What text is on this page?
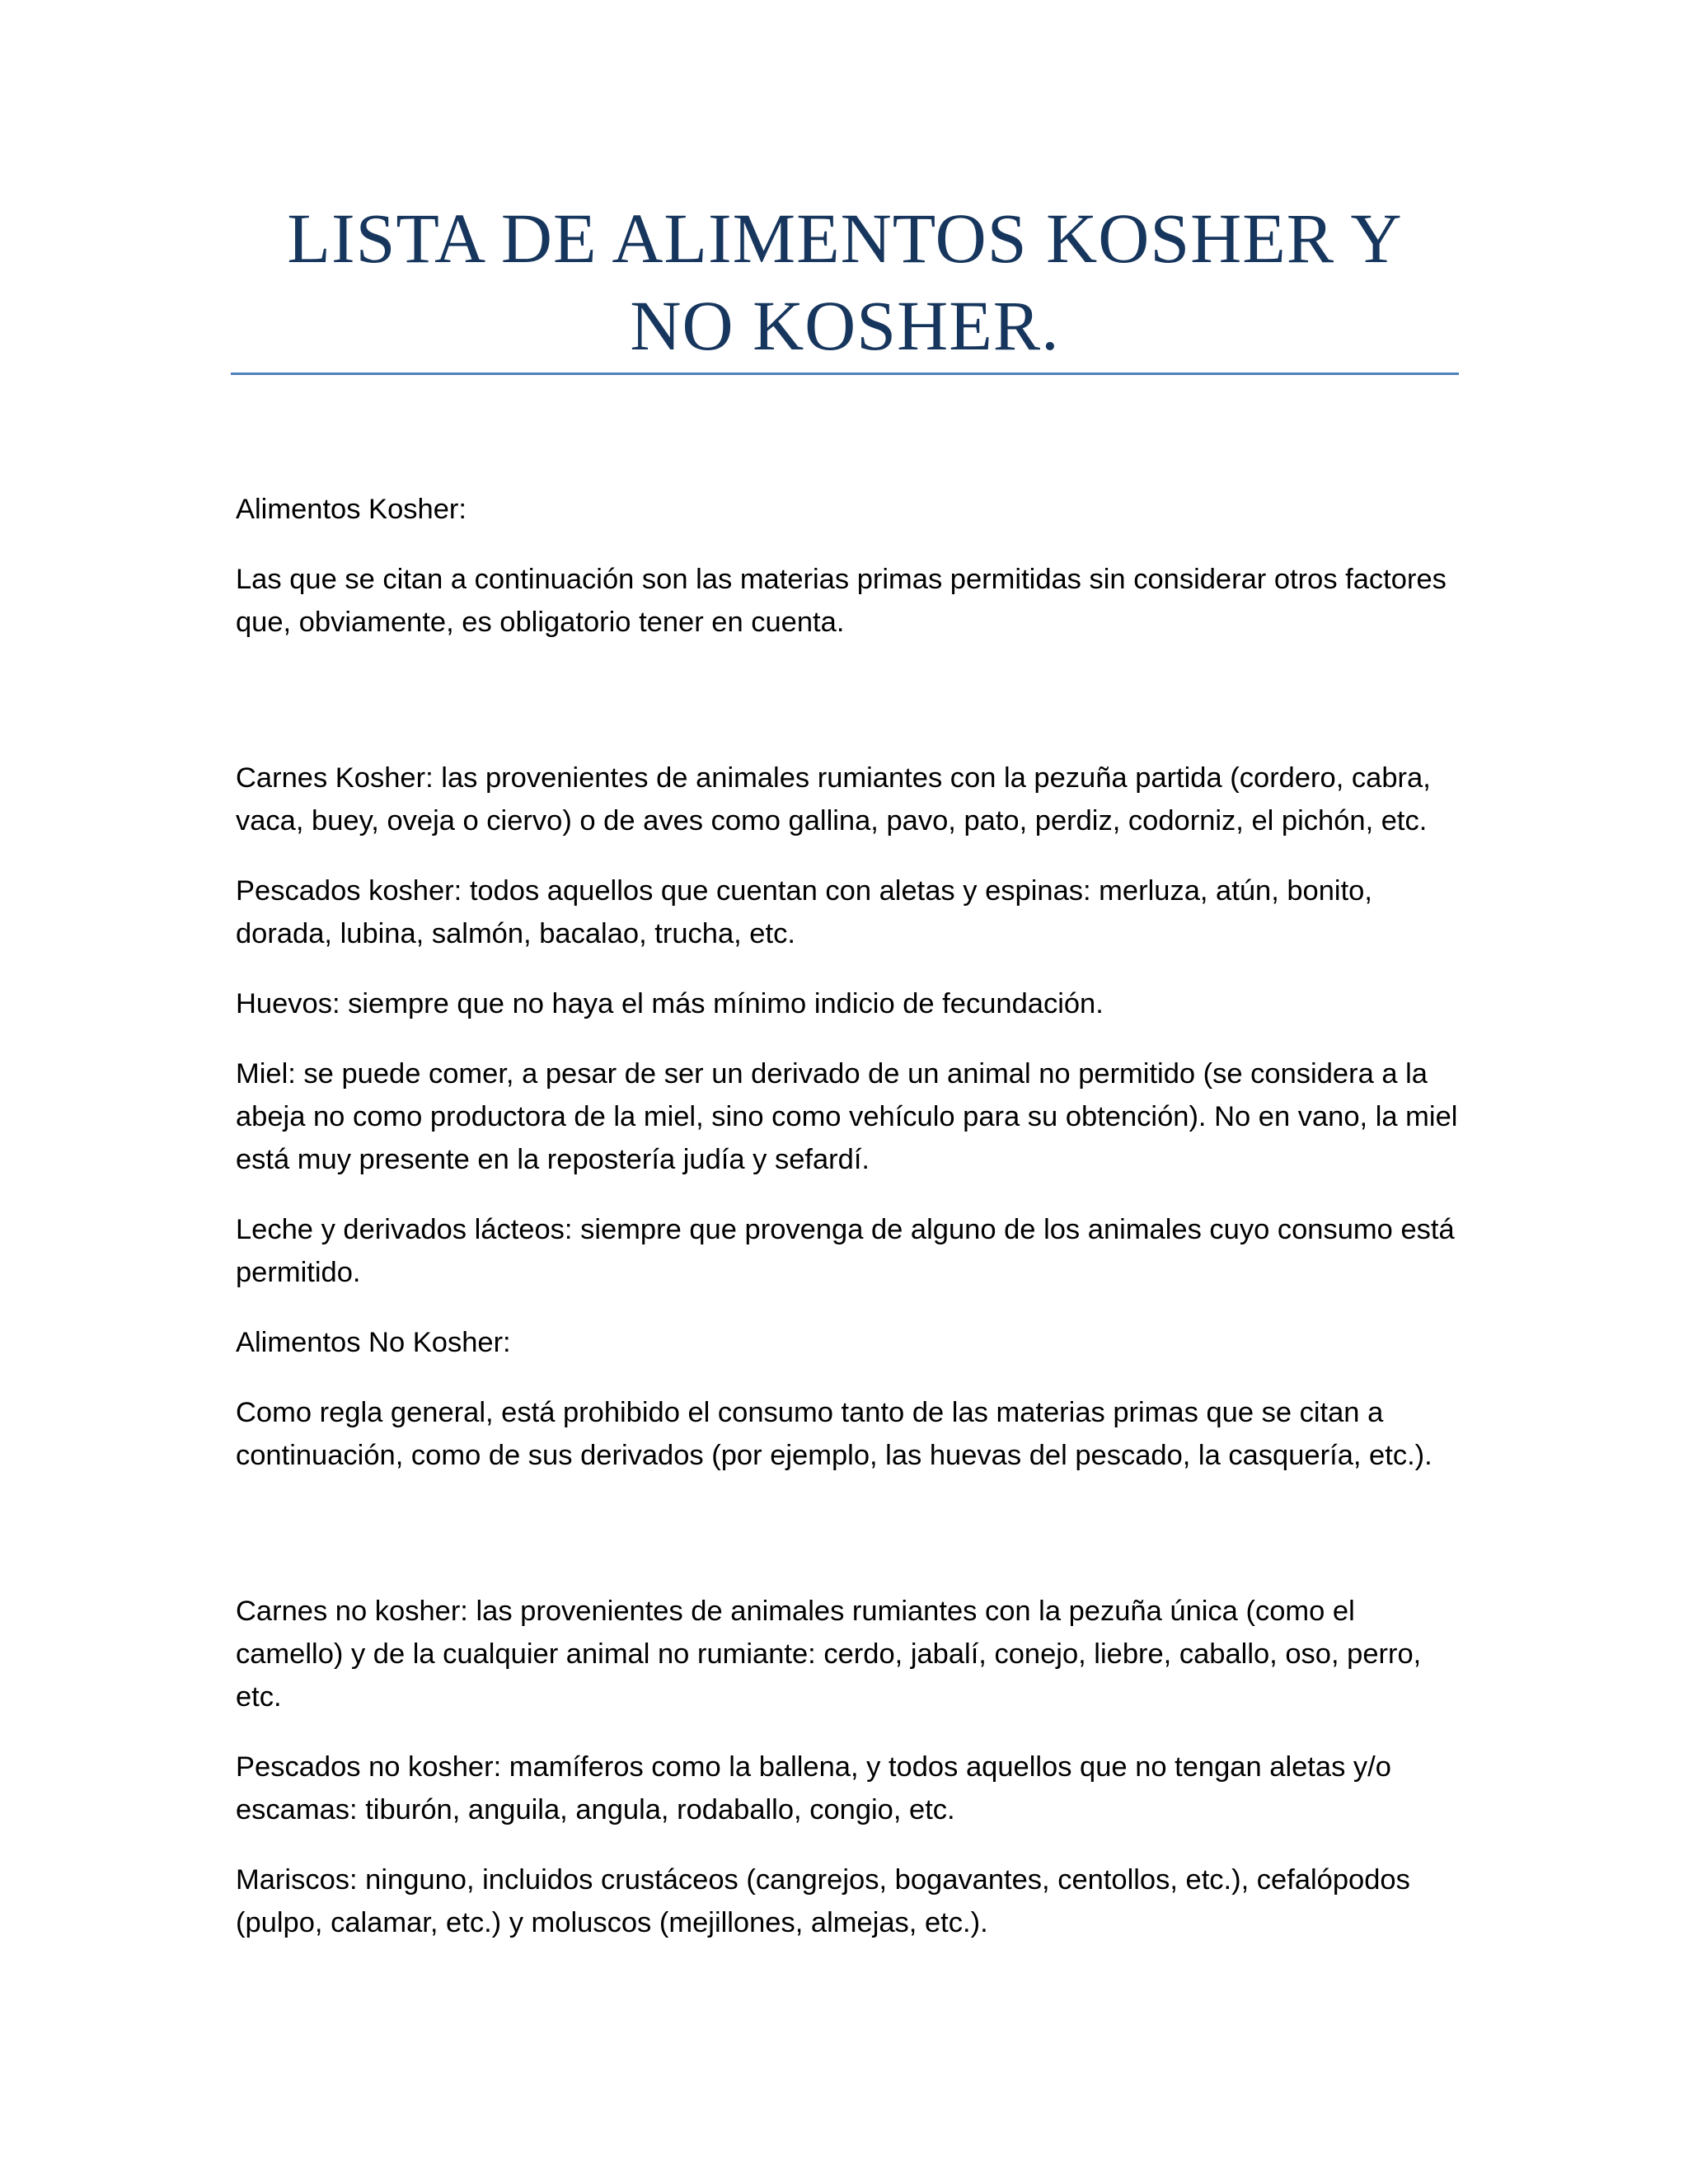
LISTA DE ALIMENTOS KOSHER Y NO KOSHER.

Alimentos Kosher:

Las que se citan a continuación son las materias primas permitidas sin considerar otros factores que, obviamente, es obligatorio tener en cuenta.

Carnes Kosher: las provenientes de animales rumiantes con la pezuña partida (cordero, cabra, vaca, buey, oveja o ciervo) o de aves como gallina, pavo, pato, perdiz, codorniz, el pichón, etc.

Pescados kosher: todos aquellos que cuentan con aletas y espinas: merluza, atún, bonito, dorada, lubina, salmón, bacalao, trucha, etc.

Huevos: siempre que no haya el más mínimo indicio de fecundación.

Miel: se puede comer, a pesar de ser un derivado de un animal no permitido (se considera a la abeja no como productora de la miel, sino como vehículo para su obtención). No en vano, la miel está muy presente en la repostería judía y sefardí.

Leche y derivados lácteos: siempre que provenga de alguno de los animales cuyo consumo está permitido.

Alimentos No Kosher:

Como regla general, está prohibido el consumo tanto de las materias primas que se citan a continuación, como de sus derivados (por ejemplo, las huevas del pescado, la casquería, etc.).

Carnes no kosher: las provenientes de animales rumiantes con la pezuña única (como el camello) y de la cualquier animal no rumiante: cerdo, jabalí, conejo, liebre, caballo, oso, perro, etc.

Pescados no kosher: mamíferos como la ballena, y todos aquellos que no tengan aletas y/o escamas: tiburón, anguila, angula, rodaballo, congio, etc.

Mariscos: ninguno, incluidos crustáceos (cangrejos, bogavantes, centollos, etc.), cefalópodos (pulpo, calamar, etc.) y moluscos (mejillones, almejas, etc.).
